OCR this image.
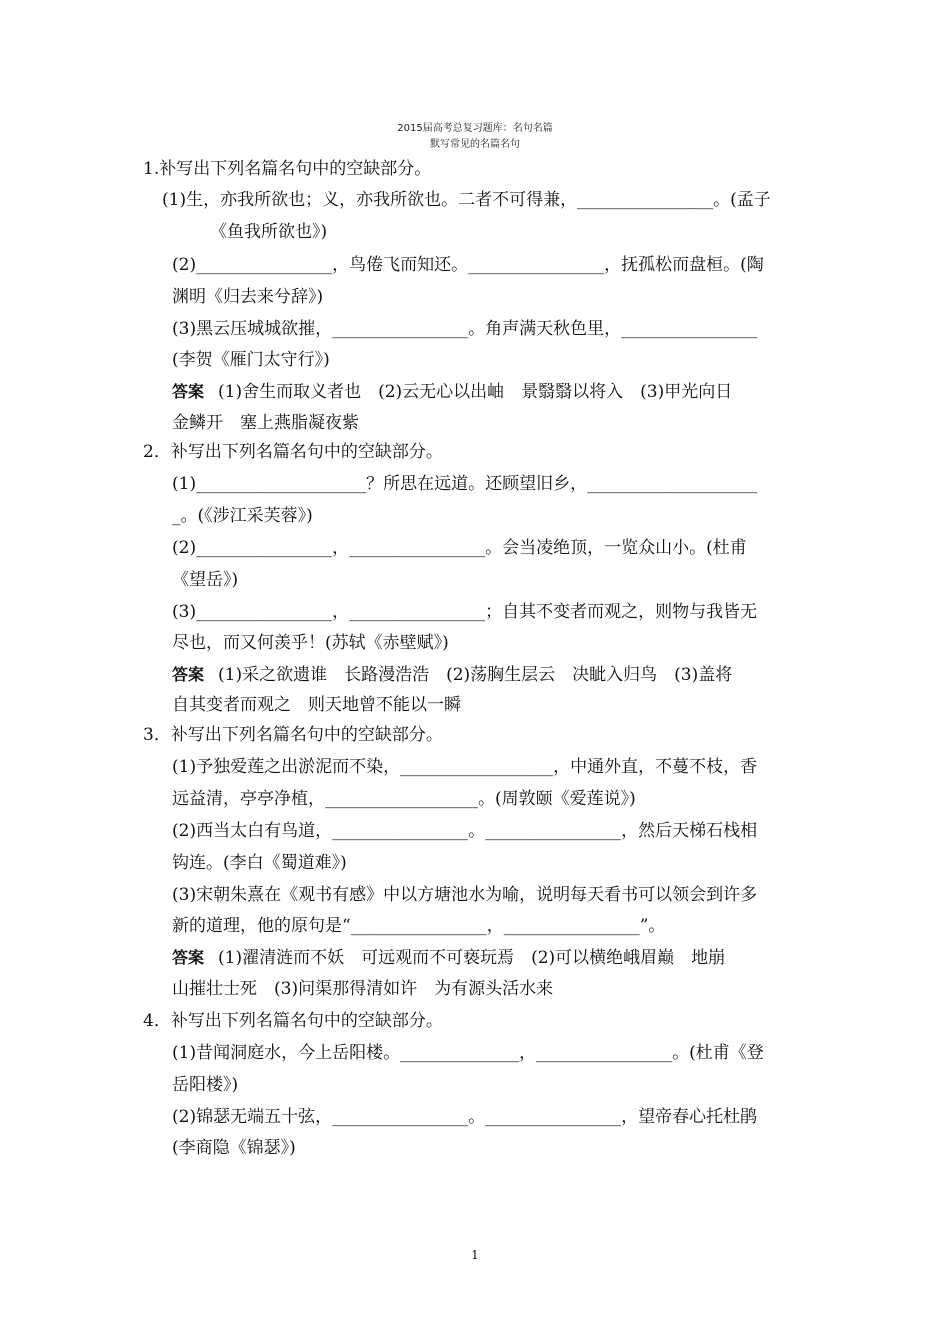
2015届高考总复习题库：名句名篇
默写常见的名篇名句
1.补写出下列名篇名句中的空缺部分。
(1)生，亦我所欲也；义，亦我所欲也。二者不可得兼，________________。(孟子
《鱼我所欲也》)
(2)________________，鸟倦飞而知还。________________，抚孤松而盘桓。(陶
渊明《归去来兮辞》)
(3)黑云压城城欲摧，________________。角声满天秋色里，________________
(李贺《雁门太守行》)
答案 (1)舍生而取义者也　(2)云无心以出岫　景翳翳以将入　(3)甲光向日
金鳞开　塞上燕脂凝夜紫
2．补写出下列名篇名句中的空缺部分。
(1)____________________？所思在远道。还顾望旧乡，____________________
_。(《涉江采芙蓉》)
(2)________________，________________。会当凌绝顶，一览众山小。(杜甫
《望岳》)
(3)________________，________________；自其不变者而观之，则物与我皆无
尽也，而又何羡乎！(苏轼《赤壁赋》)
答案 (1)采之欲遗谁　长路漫浩浩　(2)荡胸生层云　决眦入归鸟　(3)盖将
自其变者而观之　则天地曾不能以一瞬
3．补写出下列名篇名句中的空缺部分。
(1)予独爱莲之出淤泥而不染，__________________，中通外直，不蔓不枝，香
远益清，亭亭净植，__________________。(周敦颐《爱莲说》)
(2)西当太白有鸟道，________________。________________，然后天梯石栈相
钩连。(李白《蜀道难》)
(3)宋朝朱熹在《观书有感》中以方塘池水为喻，说明每天看书可以领会到许多
新的道理，他的原句是“________________，________________”。
答案 (1)濯清涟而不妖　可远观而不可亵玩焉　(2)可以横绝峨眉巅　地崩
山摧壮士死　(3)问渠那得清如许　为有源头活水来
4．补写出下列名篇名句中的空缺部分。
(1)昔闻洞庭水，今上岳阳楼。______________，________________。(杜甫《登
岳阳楼》)
(2)锦瑟无端五十弦，________________。________________，望帝春心托杜鹃
(李商隐《锦瑟》)
1
